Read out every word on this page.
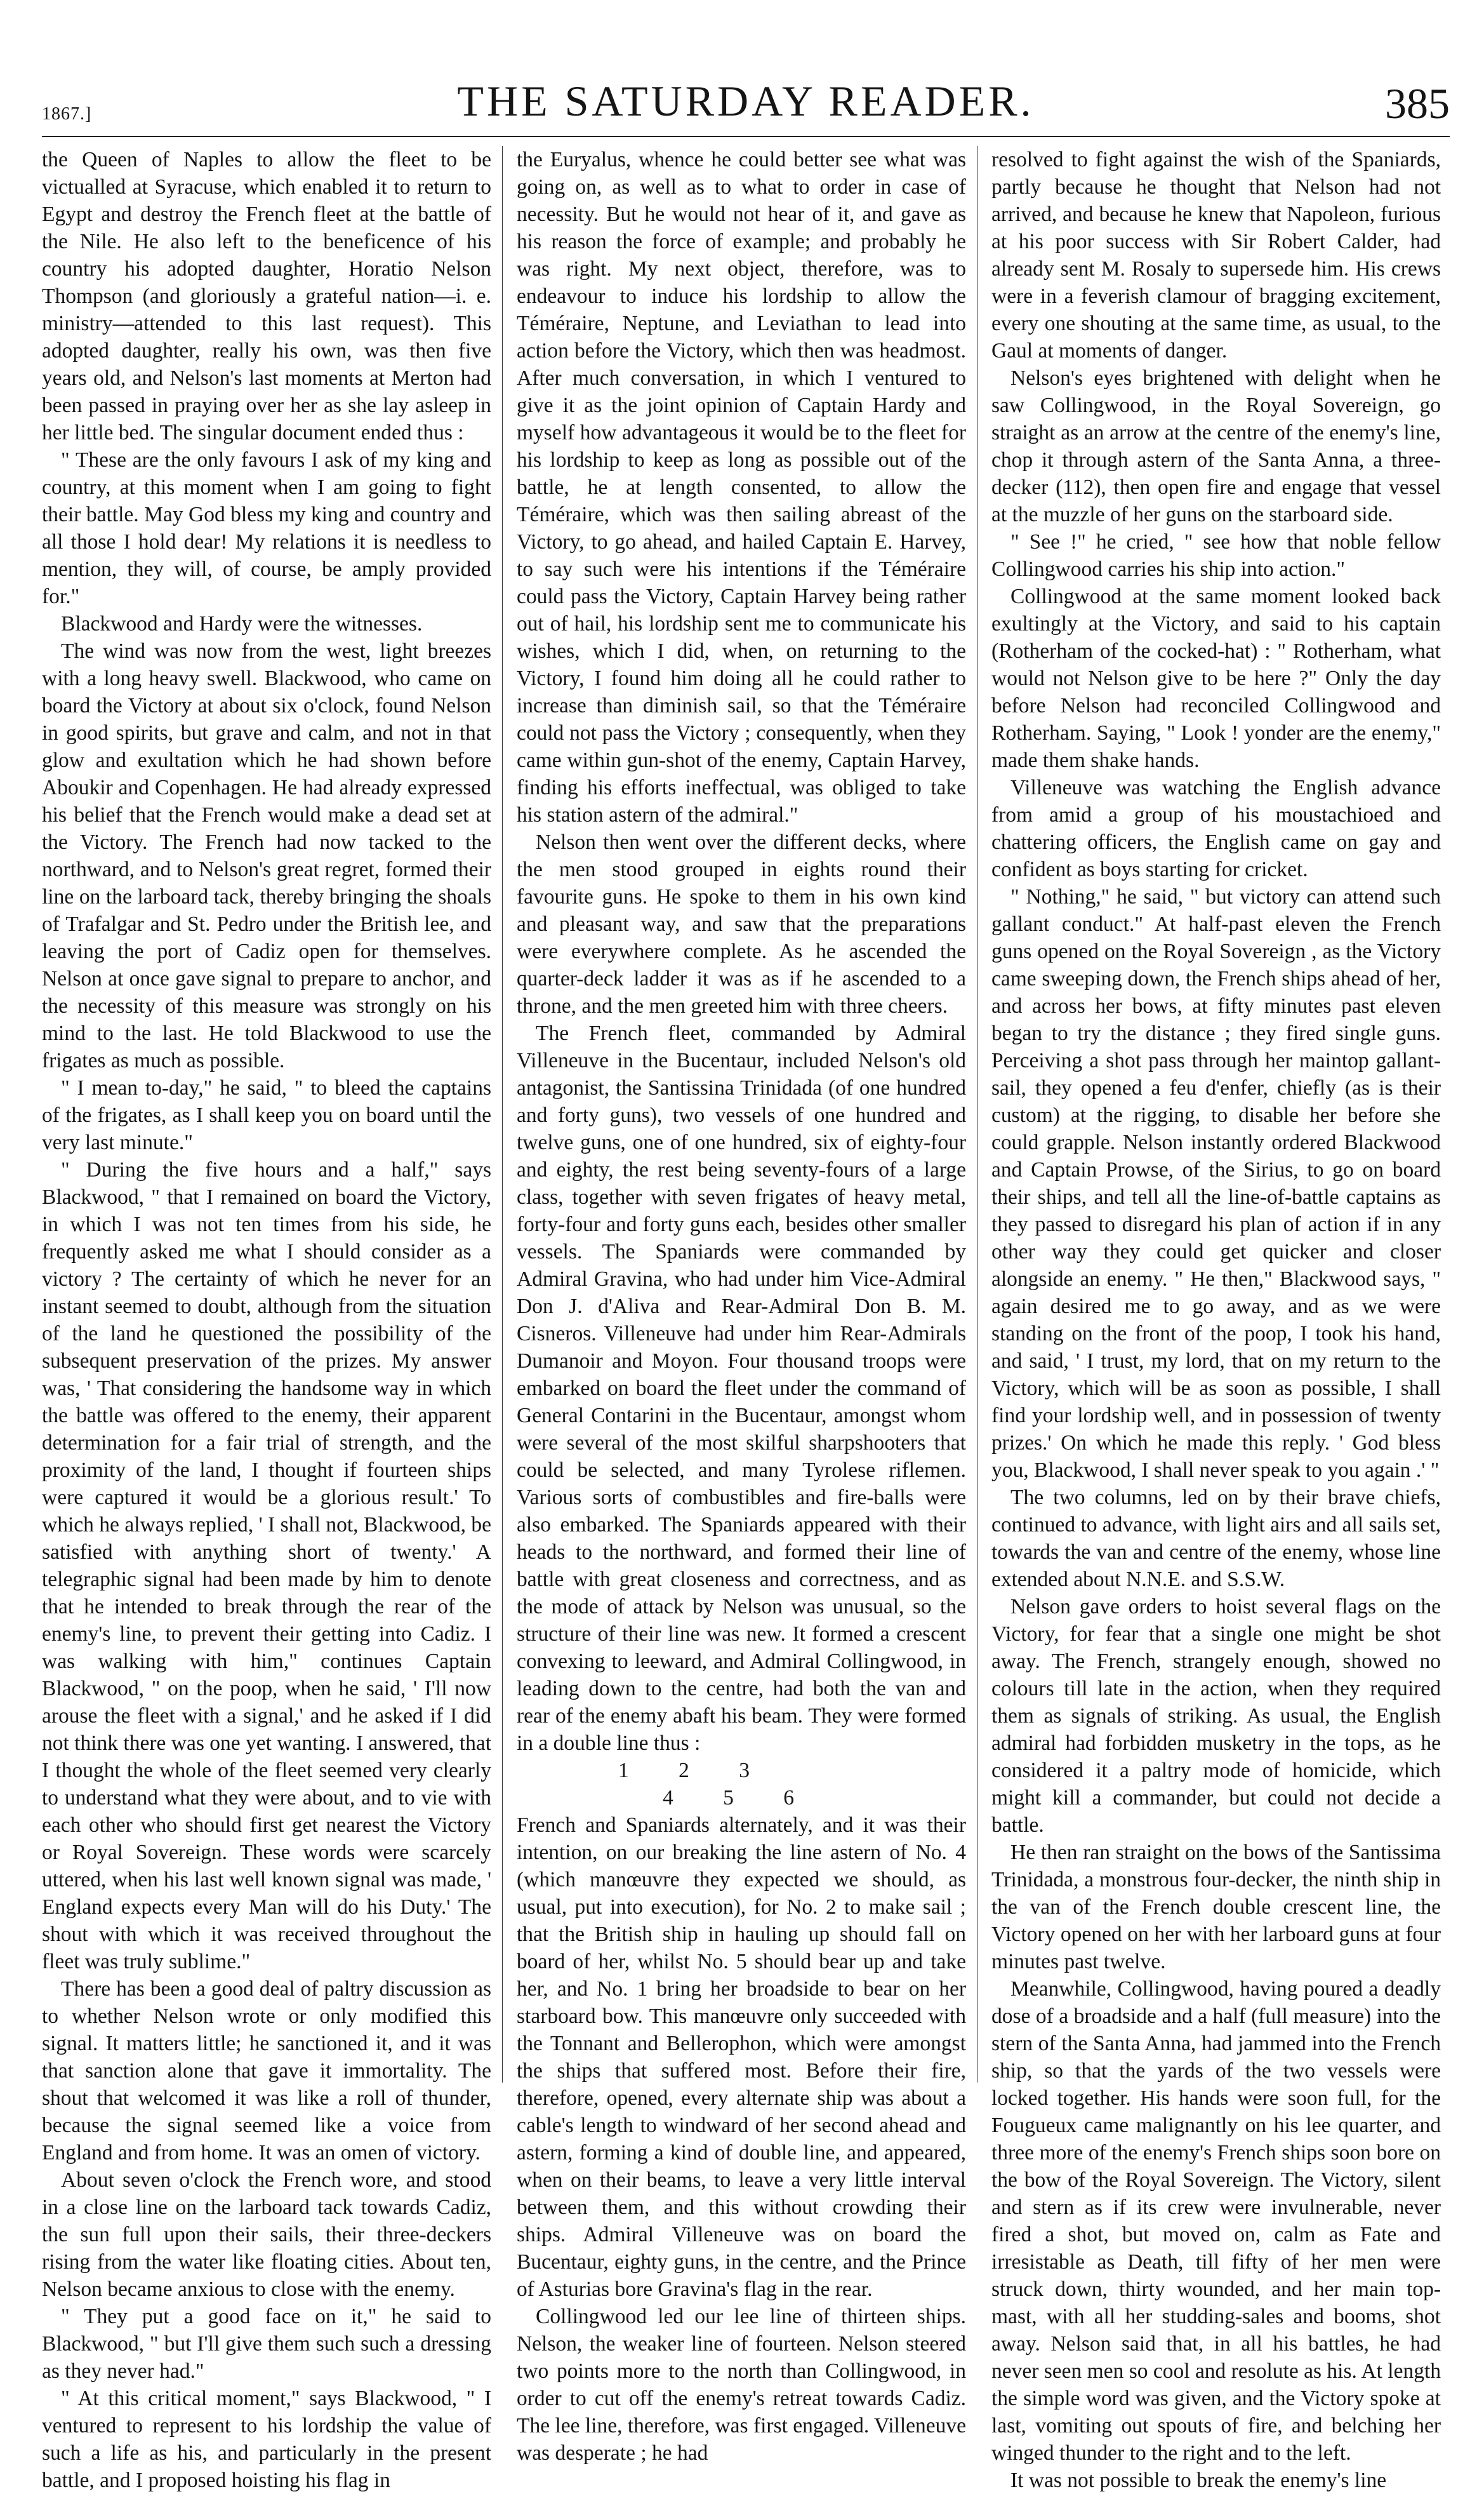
1867.]	THE SATURDAY READER.	385

the Queen of Naples to allow the fleet to be victualled at Syracuse, which enabled it to return to Egypt and destroy the French fleet at the battle of the Nile. He also left to the beneficence of his country his adopted daughter, Horatio Nelson Thompson (and gloriously a grateful nation—i. e. ministry—attended to this last request). This adopted daughter, really his own, was then five years old, and Nelson's last moments at Merton had been passed in praying over her as she lay asleep in her little bed. The singular document ended thus :

" These are the only favours I ask of my king and country, at this moment when I am going to fight their battle. May God bless my king and country and all those I hold dear! My relations it is needless to mention, they will, of course, be amply provided for."

Blackwood and Hardy were the witnesses.

The wind was now from the west, light breezes with a long heavy swell. Blackwood, who came on board the Victory at about six o'clock, found Nelson in good spirits, but grave and calm, and not in that glow and exultation which he had shown before Aboukir and Copenhagen. He had already expressed his belief that the French would make a dead set at the Victory. The French had now tacked to the northward, and to Nelson's great regret, formed their line on the larboard tack, thereby bringing the shoals of Trafalgar and St. Pedro under the British lee, and leaving the port of Cadiz open for themselves. Nelson at once gave signal to prepare to anchor, and the necessity of this measure was strongly on his mind to the last. He told Blackwood to use the frigates as much as possible.

" I mean to-day," he said, " to bleed the captains of the frigates, as I shall keep you on board until the very last minute."

" During the five hours and a half," says Blackwood, " that I remained on board the Victory, in which I was not ten times from his side, he frequently asked me what I should consider as a victory ? The certainty of which he never for an instant seemed to doubt, although from the situation of the land he questioned the possibility of the subsequent preservation of the prizes. My answer was, ' That considering the handsome way in which the battle was offered to the enemy, their apparent determination for a fair trial of strength, and the proximity of the land, I thought if fourteen ships were captured it would be a glorious result.' To which he always replied, ' I shall not, Blackwood, be satisfied with anything short of twenty.' A telegraphic signal had been made by him to denote that he intended to break through the rear of the enemy's line, to prevent their getting into Cadiz. I was walking with him," continues Captain Blackwood, " on the poop, when he said, ' I'll now arouse the fleet with a signal,' and he asked if I did not think there was one yet wanting. I answered, that I thought the whole of the fleet seemed very clearly to understand what they were about, and to vie with each other who should first get nearest the Victory or Royal Sovereign. These words were scarcely uttered, when his last well known signal was made, ' England expects every Man will do his Duty.' The shout with which it was received throughout the fleet was truly sublime."

There has been a good deal of paltry discussion as to whether Nelson wrote or only modified this signal. It matters little; he sanctioned it, and it was that sanction alone that gave it immortality. The shout that welcomed it was like a roll of thunder, because the signal seemed like a voice from England and from home. It was an omen of victory.

About seven o'clock the French wore, and stood in a close line on the larboard tack towards Cadiz, the sun full upon their sails, their three-deckers rising from the water like floating cities. About ten, Nelson became anxious to close with the enemy.

" They put a good face on it," he said to Blackwood, " but I'll give them such such a dressing as they never had."

" At this critical moment," says Blackwood, " I ventured to represent to his lordship the value of such a life as his, and particularly in the present battle, and I proposed hoisting his flag in

the Euryalus, whence he could better see what was going on, as well as to what to order in case of necessity. But he would not hear of it, and gave as his reason the force of example; and probably he was right. My next object, therefore, was to endeavour to induce his lordship to allow the Téméraire, Neptune, and Leviathan to lead into action before the Victory, which then was headmost. After much conversation, in which I ventured to give it as the joint opinion of Captain Hardy and myself how advantageous it would be to the fleet for his lordship to keep as long as possible out of the battle, he at length consented, to allow the Téméraire, which was then sailing abreast of the Victory, to go ahead, and hailed Captain E. Harvey, to say such were his intentions if the Téméraire could pass the Victory, Captain Harvey being rather out of hail, his lordship sent me to communicate his wishes, which I did, when, on returning to the Victory, I found him doing all he could rather to increase than diminish sail, so that the Téméraire could not pass the Victory ; consequently, when they came within gun-shot of the enemy, Captain Harvey, finding his efforts ineffectual, was obliged to take his station astern of the admiral."

Nelson then went over the different decks, where the men stood grouped in eights round their favourite guns. He spoke to them in his own kind and pleasant way, and saw that the preparations were everywhere complete. As he ascended the quarter-deck ladder it was as if he ascended to a throne, and the men greeted him with three cheers.

The French fleet, commanded by Admiral Villeneuve in the Bucentaur, included Nelson's old antagonist, the Santissina Trinidada (of one hundred and forty guns), two vessels of one hundred and twelve guns, one of one hundred, six of eighty-four and eighty, the rest being seventy-fours of a large class, together with seven frigates of heavy metal, forty-four and forty guns each, besides other smaller vessels. The Spaniards were commanded by Admiral Gravina, who had under him Vice-Admiral Don J. d'Aliva and Rear-Admiral Don B. M. Cisneros. Villeneuve had under him Rear-Admirals Dumanoir and Moyon. Four thousand troops were embarked on board the fleet under the command of General Contarini in the Bucentaur, amongst whom were several of the most skilful sharpshooters that could be selected, and many Tyrolese riflemen. Various sorts of combustibles and fire-balls were also embarked. The Spaniards appeared with their heads to the northward, and formed their line of battle with great closeness and correctness, and as the mode of attack by Nelson was unusual, so the structure of their line was new. It formed a crescent convexing to leeward, and Admiral Collingwood, in leading down to the centre, had both the van and rear of the enemy abaft his beam. They were formed in a double line thus :

1 2 3

4 5 6

French and Spaniards alternately, and it was their intention, on our breaking the line astern of No. 4 (which manœuvre they expected we should, as usual, put into execution), for No. 2 to make sail ; that the British ship in hauling up should fall on board of her, whilst No. 5 should bear up and take her, and No. 1 bring her broadside to bear on her starboard bow. This manœuvre only succeeded with the Tonnant and Bellerophon, which were amongst the ships that suffered most. Before their fire, therefore, opened, every alternate ship was about a cable's length to windward of her second ahead and astern, forming a kind of double line, and appeared, when on their beams, to leave a very little interval between them, and this without crowding their ships. Admiral Villeneuve was on board the Bucentaur, eighty guns, in the centre, and the Prince of Asturias bore Gravina's flag in the rear.

Collingwood led our lee line of thirteen ships. Nelson, the weaker line of fourteen. Nelson steered two points more to the north than Collingwood, in order to cut off the enemy's retreat towards Cadiz. The lee line, therefore, was first engaged. Villeneuve was desperate ; he had

resolved to fight against the wish of the Spaniards, partly because he thought that Nelson had not arrived, and because he knew that Napoleon, furious at his poor success with Sir Robert Calder, had already sent M. Rosaly to supersede him. His crews were in a feverish clamour of bragging excitement, every one shouting at the same time, as usual, to the Gaul at moments of danger.

Nelson's eyes brightened with delight when he saw Collingwood, in the Royal Sovereign, go straight as an arrow at the centre of the enemy's line, chop it through astern of the Santa Anna, a three-decker (112), then open fire and engage that vessel at the muzzle of her guns on the starboard side.

" See !" he cried, " see how that noble fellow Collingwood carries his ship into action."

Collingwood at the same moment looked back exultingly at the Victory, and said to his captain (Rotherham of the cocked-hat) : " Rotherham, what would not Nelson give to be here ?" Only the day before Nelson had reconciled Collingwood and Rotherham. Saying, " Look ! yonder are the enemy," made them shake hands.

Villeneuve was watching the English advance from amid a group of his moustachioed and chattering officers, the English came on gay and confident as boys starting for cricket.

" Nothing," he said, " but victory can attend such gallant conduct." At half-past eleven the French guns opened on the Royal Sovereign , as the Victory came sweeping down, the French ships ahead of her, and across her bows, at fifty minutes past eleven began to try the distance ; they fired single guns. Perceiving a shot pass through her maintop gallant-sail, they opened a feu d'enfer, chiefly (as is their custom) at the rigging, to disable her before she could grapple. Nelson instantly ordered Blackwood and Captain Prowse, of the Sirius, to go on board their ships, and tell all the line-of-battle captains as they passed to disregard his plan of action if in any other way they could get quicker and closer alongside an enemy. " He then," Blackwood says, " again desired me to go away, and as we were standing on the front of the poop, I took his hand, and said, ' I trust, my lord, that on my return to the Victory, which will be as soon as possible, I shall find your lordship well, and in possession of twenty prizes.' On which he made this reply. ' God bless you, Blackwood, I shall never speak to you again .' "

The two columns, led on by their brave chiefs, continued to advance, with light airs and all sails set, towards the van and centre of the enemy, whose line extended about N.N.E. and S.S.W.

Nelson gave orders to hoist several flags on the Victory, for fear that a single one might be shot away. The French, strangely enough, showed no colours till late in the action, when they required them as signals of striking. As usual, the English admiral had forbidden musketry in the tops, as he considered it a paltry mode of homicide, which might kill a commander, but could not decide a battle.

He then ran straight on the bows of the Santissima Trinidada, a monstrous four-decker, the ninth ship in the van of the French double crescent line, the Victory opened on her with her larboard guns at four minutes past twelve.

Meanwhile, Collingwood, having poured a deadly dose of a broadside and a half (full measure) into the stern of the Santa Anna, had jammed into the French ship, so that the yards of the two vessels were locked together. His hands were soon full, for the Fougueux came malignantly on his lee quarter, and three more of the enemy's French ships soon bore on the bow of the Royal Sovereign. The Victory, silent and stern as if its crew were invulnerable, never fired a shot, but moved on, calm as Fate and irresistable as Death, till fifty of her men were struck down, thirty wounded, and her main top-mast, with all her studding-sales and booms, shot away. Nelson said that, in all his battles, he had never seen men so cool and resolute as his. At length the simple word was given, and the Victory spoke at last, vomiting out spouts of fire, and belching her winged thunder to the right and to the left.

It was not possible to break the enemy's line
